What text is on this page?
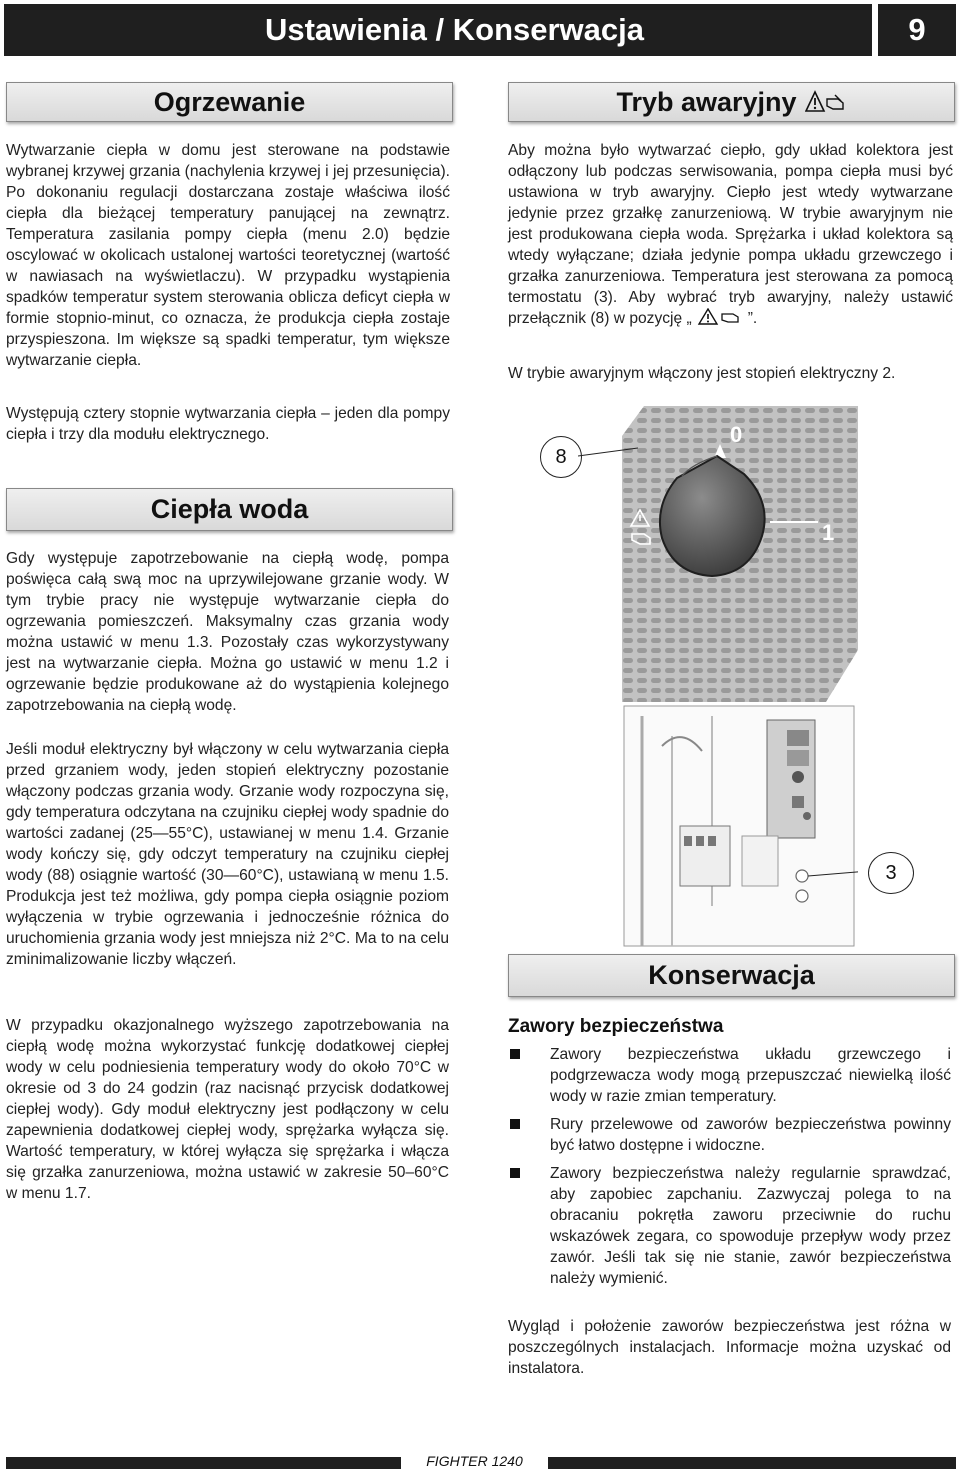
Ustawienia / Konserwacja	9
Ogrzewanie

Wytwarzanie ciepła w domu jest sterowane na podstawie wybranej krzywej grzania (nachylenia krzywej i jej przesunięcia). Po dokonaniu regulacji dostarczana zostaje właściwa ilość ciepła dla bieżącej temperatury panującej na zewnątrz. Temperatura zasilania pompy ciepła (menu 2.0) będzie oscylować w okolicach ustalonej wartości teoretycznej (wartość w nawiasach na wyświetlaczu). W przypadku wystąpienia spadków temperatur system sterowania oblicza deficyt ciepła w formie stopnio-minut, co oznacza, że produkcja ciepła zostaje przyspieszona. Im większe są spadki temperatur, tym większe wytwarzanie ciepła.

Występują cztery stopnie wytwarzania ciepła – jeden dla pompy ciepła i trzy dla modułu elektrycznego.

Ciepła woda

Gdy występuje zapotrzebowanie na ciepłą wodę, pompa poświęca całą swą moc na uprzywilejowane grzanie wody. W tym trybie pracy nie występuje wytwarzanie ciepła do ogrzewania pomieszczeń. Maksymalny czas grzania wody można ustawić w menu 1.3. Pozostały czas wykorzystywany jest na wytwarzanie ciepła. Można go ustawić w menu 1.2 i ogrzewanie będzie produkowane aż do wystąpienia kolejnego zapotrzebowania na ciepłą wodę.

Jeśli moduł elektryczny był włączony w celu wytwarzania ciepła przed grzaniem wody, jeden stopień elektryczny pozostanie włączony podczas grzania wody. Grzanie wody rozpoczyna się, gdy temperatura odczytana na czujniku ciepłej wody spadnie do wartości zadanej (25—55°C), ustawianej w menu 1.4. Grzanie wody kończy się, gdy odczyt temperatury na czujniku ciepłej wody (88) osiągnie wartość (30—60°C), ustawianą w menu 1.5. Produkcja jest też możliwa, gdy pompa ciepła osiągnie poziom wyłączenia w trybie ogrzewania i jednocześnie różnica do uruchomienia grzania wody jest mniejsza niż 2°C. Ma to na celu zminimalizowanie liczby włączeń.

W przypadku okazjonalnego wyższego zapotrzebowania na ciepłą wodę można wykorzystać funkcję dodatkowej ciepłej wody w celu podniesienia temperatury wody do około 70°C w okresie od 3 do 24 godzin (raz nacisnąć przycisk dodatkowej ciepłej wody). Gdy moduł elektryczny jest podłączony w celu zapewnienia dodatkowej ciepłej wody, sprężarka wyłącza się. Wartość temperatury, w której wyłącza się sprężarka i włącza się grzałka zanurzeniowa, można ustawić w zakresie 50–60°C w menu 1.7.

Tryb awaryjny

Aby można było wytwarzać ciepło, gdy układ kolektora jest odłączony lub podczas serwisowania, pompa ciepła musi być ustawiona w tryb awaryjny. Ciepło jest wtedy wytwarzane jedynie przez grzałkę zanurzeniową. W trybie awaryjnym nie jest produkowana ciepła woda. Sprężarka i układ kolektora są wtedy wyłączane; działa jedynie pompa układu grzewczego i grzałka zanurzeniowa. Temperatura jest sterowana za pomocą termostatu (3). Aby wybrać tryb awaryjny, należy ustawić przełącznik (8) w pozycję „	”.

W trybie awaryjnym włączony jest stopień elektryczny 2.

0
1
8
3
Konserwacja

Zawory bezpieczeństwa

Zawory bezpieczeństwa układu grzewczego i podgrzewacza wody mogą przepuszczać niewielką ilość wody w razie zmian temperatury.
Rury przelewowe od zaworów bezpieczeństwa powinny być łatwo dostępne i widoczne.
Zawory bezpieczeństwa należy regularnie sprawdzać, aby zapobiec zapchaniu. Zazwyczaj polega to na obracaniu pokrętła zaworu przeciwnie do ruchu wskazówek zegara, co spowoduje przepływ wody przez zawór. Jeśli tak się nie stanie, zawór bezpieczeństwa należy wymienić.

Wygląd i położenie zaworów bezpieczeństwa jest różna w poszczególnych instalacjach. Informacje można uzyskać od instalatora.

FIGHTER 1240
